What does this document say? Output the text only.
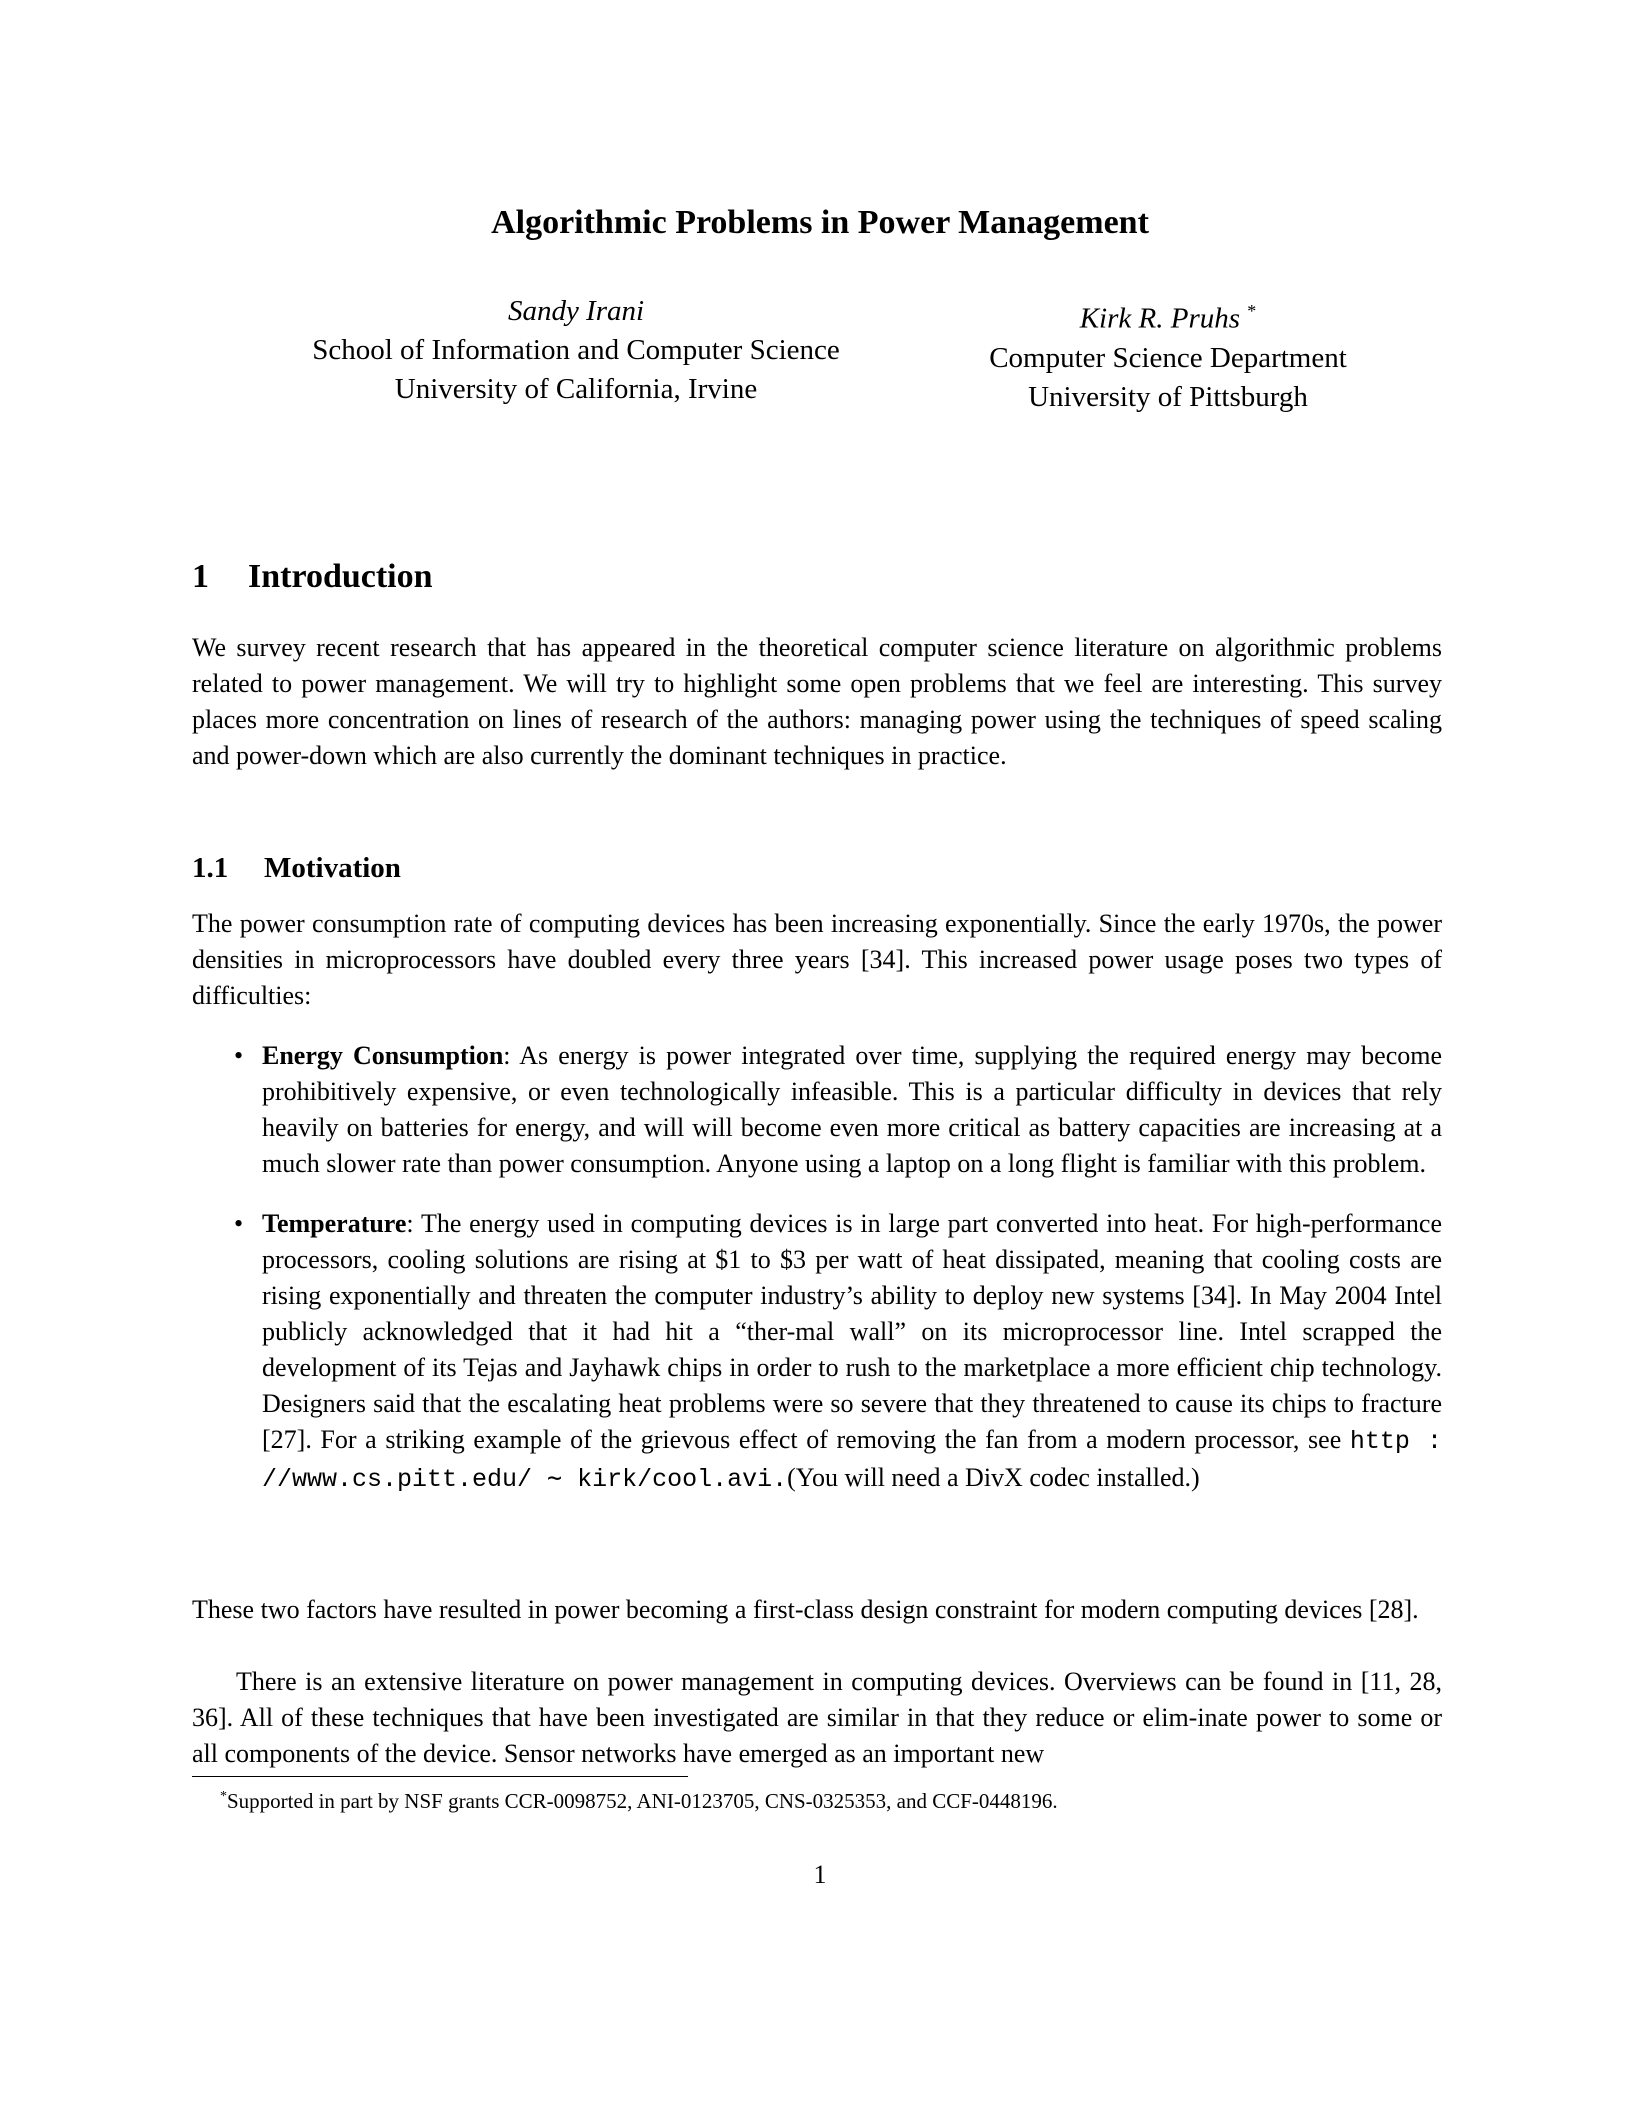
Algorithmic Problems in Power Management
Sandy Irani
School of Information and Computer Science
University of California, Irvine
Kirk R. Pruhs *
Computer Science Department
University of Pittsburgh
1 Introduction

We survey recent research that has appeared in the theoretical computer science literature on algorithmic problems related to power management. We will try to highlight some open problems that we feel are interesting. This survey places more concentration on lines of research of the authors: managing power using the techniques of speed scaling and power-down which are also currently the dominant techniques in practice.

1.1 Motivation

The power consumption rate of computing devices has been increasing exponentially. Since the early 1970s, the power densities in microprocessors have doubled every three years [34]. This increased power usage poses two types of difficulties:

• Energy Consumption: As energy is power integrated over time, supplying the required energy may become prohibitively expensive, or even technologically infeasible. This is a particular difficulty in devices that rely heavily on batteries for energy, and will will become even more critical as battery capacities are increasing at a much slower rate than power consumption. Anyone using a laptop on a long flight is familiar with this problem.
• Temperature: The energy used in computing devices is in large part converted into heat. For high-performance processors, cooling solutions are rising at $1 to $3 per watt of heat dissipated, meaning that cooling costs are rising exponentially and threaten the computer industry’s ability to deploy new systems [34]. In May 2004 Intel publicly acknowledged that it had hit a “ther-mal wall” on its microprocessor line. Intel scrapped the development of its Tejas and Jayhawk chips in order to rush to the marketplace a more efficient chip technology. Designers said that the escalating heat problems were so severe that they threatened to cause its chips to fracture [27]. For a striking example of the grievous effect of removing the fan from a modern processor, see http : //www.cs.pitt.edu/ ∼ kirk/cool.avi.(You will need a DivX codec installed.)

These two factors have resulted in power becoming a first-class design constraint for modern computing devices [28].

There is an extensive literature on power management in computing devices. Overviews can be found in [11, 28, 36]. All of these techniques that have been investigated are similar in that they reduce or elim-inate power to some or all components of the device. Sensor networks have emerged as an important new

*Supported in part by NSF grants CCR-0098752, ANI-0123705, CNS-0325353, and CCF-0448196.
1
